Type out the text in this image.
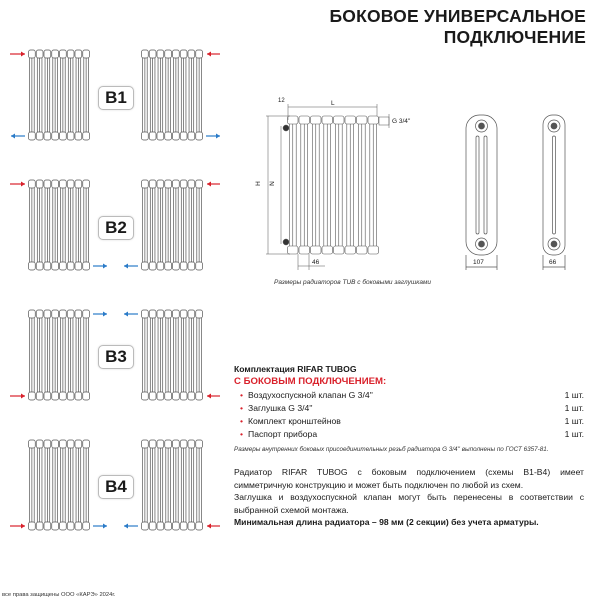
БОКОВОЕ УНИВЕРСАЛЬНОЕ
ПОДКЛЮЧЕНИЕ
B1
B2
B3
B4
Размеры радиаторов TUB с боковыми заглушками
12	L
G 3/4''
H N
46	107	66
Комплектация RIFAR TUBOG
С БОКОВЫМ ПОДКЛЮЧЕНИЕМ:
• Воздухоспускной клапан G 3/4''	1 шт.
• Заглушка G 3/4''	1 шт.
• Комплект кронштейнов	1 шт.
• Паспорт прибора	1 шт.
Размеры внутренних боковых присоединительных резьб радиатора G 3/4'' выполнены по ГОСТ 6357-81.
Радиатор RIFAR TUBOG с боковым подключением (схемы B1-B4) имеет симметричную конструкцию и может быть подключен по любой из схем.
Заглушка и воздухоспускной клапан могут быть перенесены в соответствии с выбранной схемой монтажа.
Минимальная длина радиатора – 98 мм (2 секции) без учета арматуры.
все права защищены ООО «КАРЭ» 2024г.
